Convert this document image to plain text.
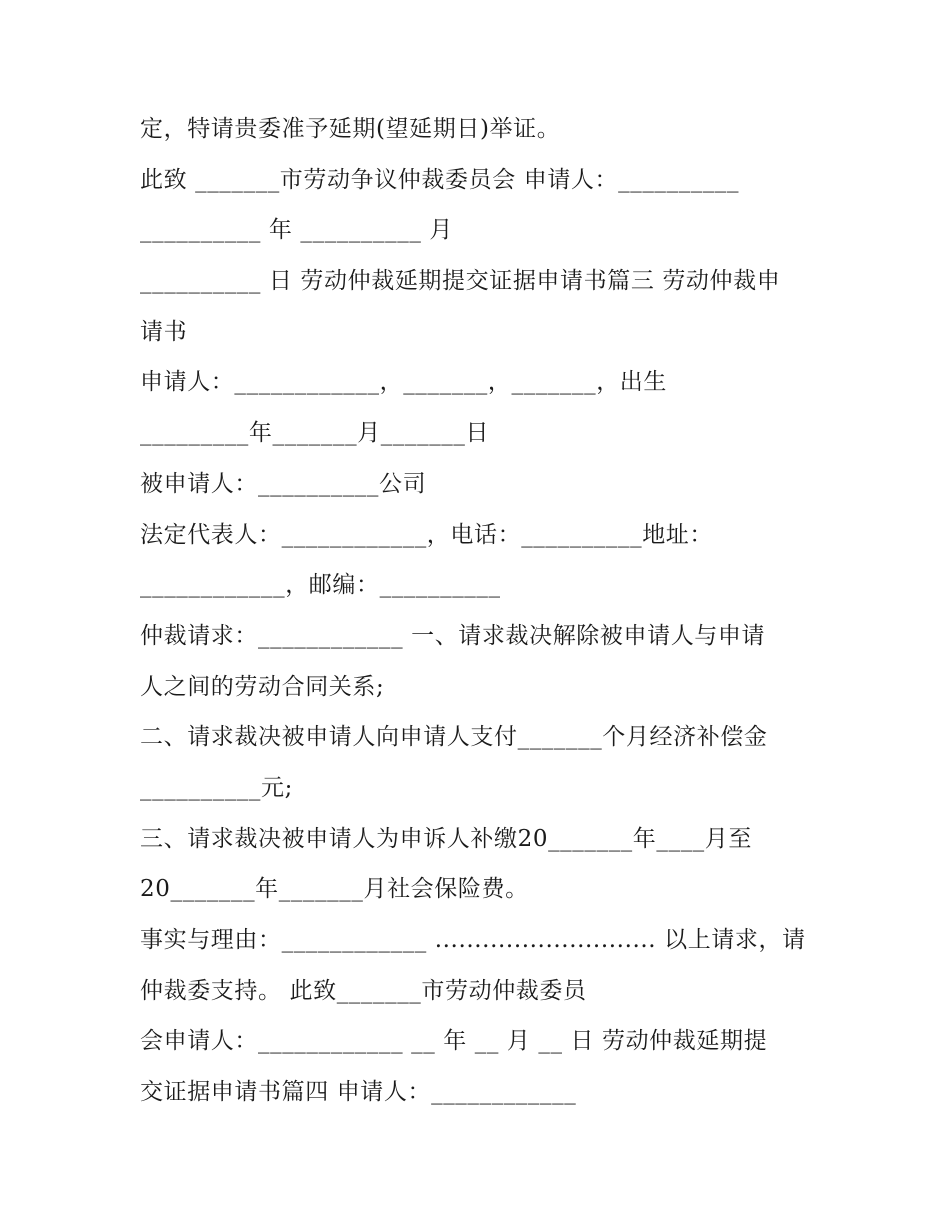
定，特请贵委准予延期(望延期日)举证。
此致 _______市劳动争议仲裁委员会 申请人：__________
__________ 年 __________ 月
__________ 日 劳动仲裁延期提交证据申请书篇三 劳动仲裁申
请书
申请人：____________，_______，_______，出生
_________年_______月_______日
被申请人：__________公司
法定代表人：____________，电话：__________地址：
____________，邮编：__________
仲裁请求：____________ 一、请求裁决解除被申请人与申请
人之间的劳动合同关系;
二、请求裁决被申请人向申请人支付_______个月经济补偿金
__________元;
三、请求裁决被申请人为申诉人补缴20_______年____月至
20_______年_______月社会保险费。
事实与理由：____________ ............................ 以上请求，请
仲裁委支持。 此致_______市劳动仲裁委员
会申请人：____________ __ 年 __ 月 __ 日 劳动仲裁延期提
交证据申请书篇四 申请人：____________
